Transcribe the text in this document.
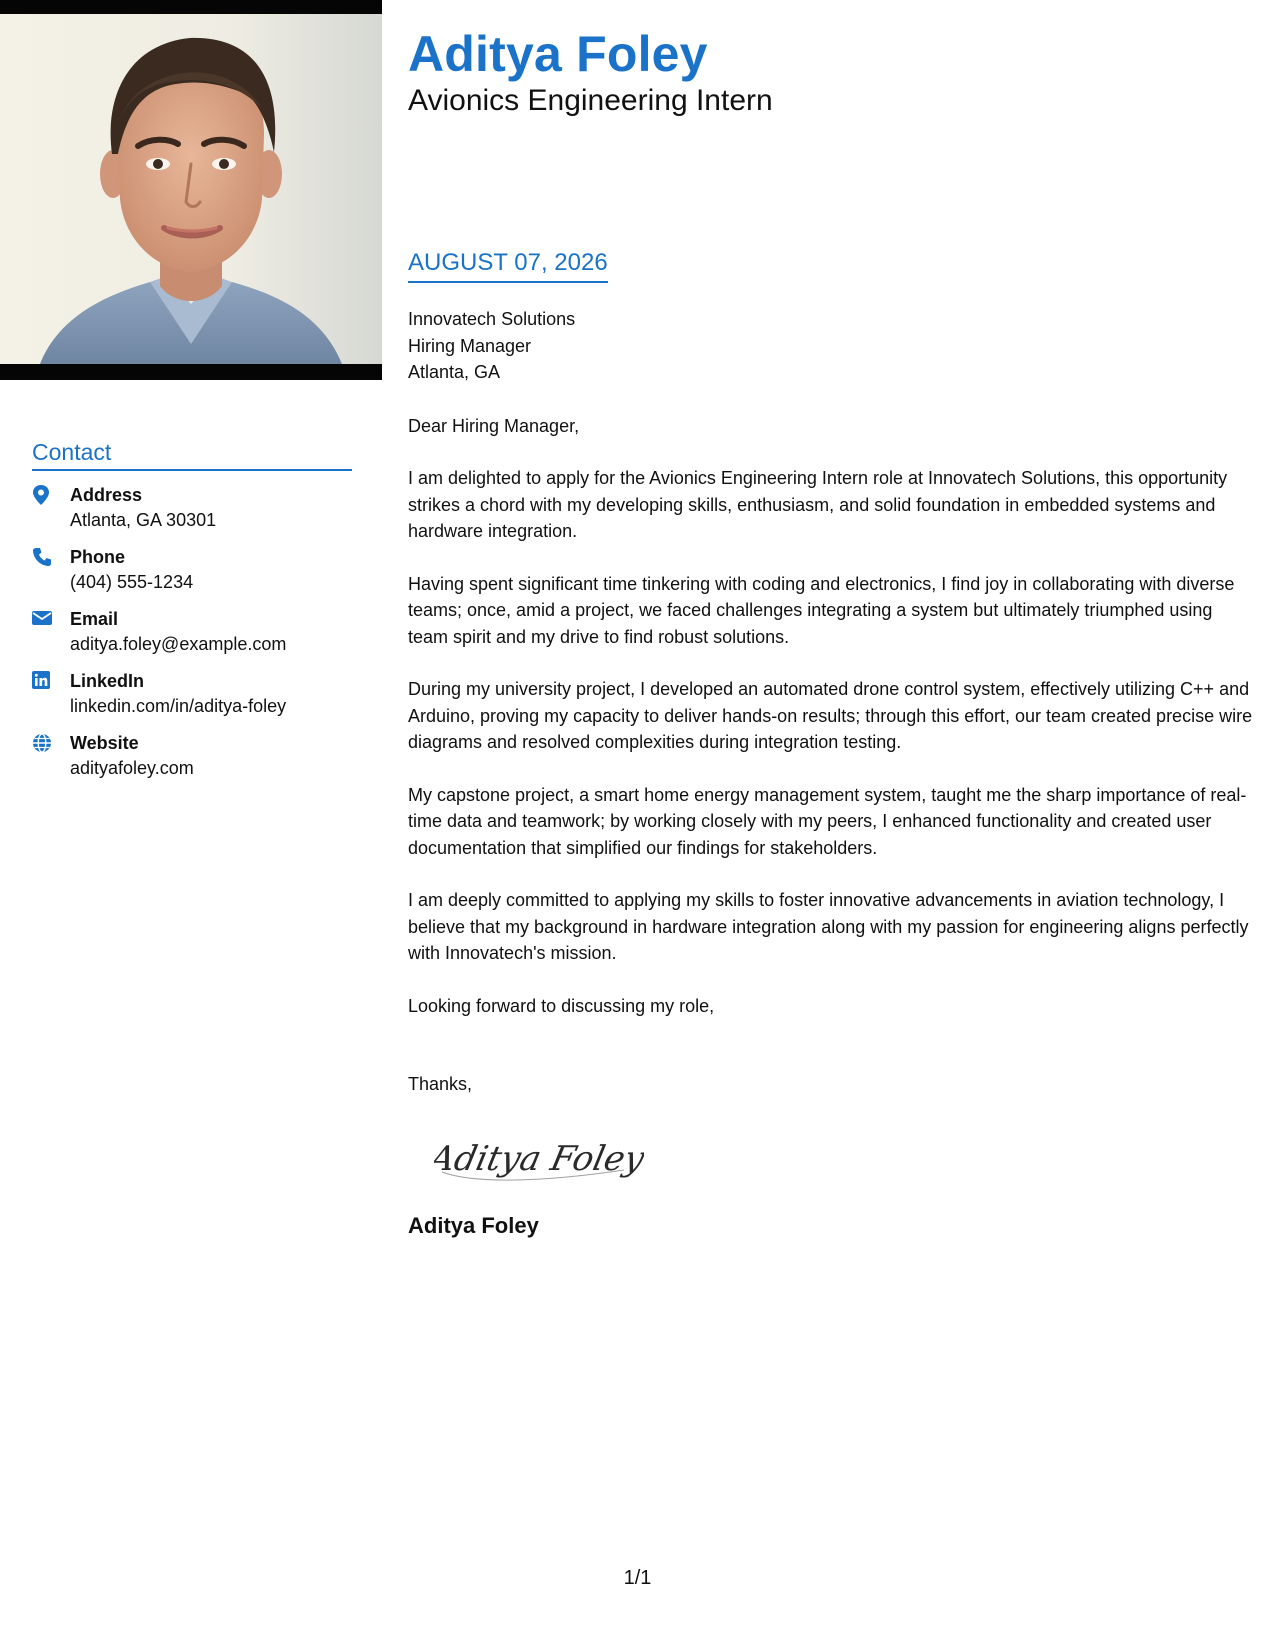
Contact
Address
Atlanta, GA 30301
Phone
(404) 555-1234
Email
aditya.foley@example.com
LinkedIn
linkedin.com/in/aditya-foley
Website
adityafoley.com
Aditya Foley
Avionics Engineering Intern
AUGUST 07, 2026
Innovatech Solutions
Hiring Manager
Atlanta, GA
Dear Hiring Manager,
I am delighted to apply for the Avionics Engineering Intern role at Innovatech Solutions, this opportunity strikes a chord with my developing skills, enthusiasm, and solid foundation in embedded systems and hardware integration.
Having spent significant time tinkering with coding and electronics, I find joy in collaborating with diverse teams; once, amid a project, we faced challenges integrating a system but ultimately triumphed using team spirit and my drive to find robust solutions.
During my university project, I developed an automated drone control system, effectively utilizing C++ and Arduino, proving my capacity to deliver hands-on results; through this effort, our team created precise wire diagrams and resolved complexities during integration testing.
My capstone project, a smart home energy management system, taught me the sharp importance of real-time data and teamwork; by working closely with my peers, I enhanced functionality and created user documentation that simplified our findings for stakeholders.
I am deeply committed to applying my skills to foster innovative advancements in aviation technology, I believe that my background in hardware integration along with my passion for engineering aligns perfectly with Innovatech's mission.
Looking forward to discussing my role,
Thanks,
Aditya Foley
Aditya Foley
1/1
